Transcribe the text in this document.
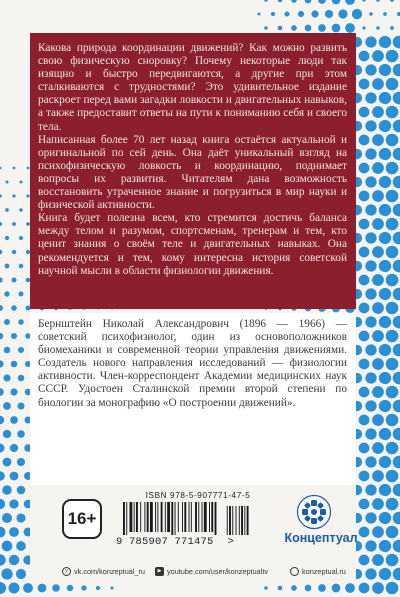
Какова природа координации движений? Как можно развить свою физическую сноровку? Почему некоторые люди так изящно и быстро передвигаются, а другие при этом сталкиваются с трудностями? Это удивительное издание раскроет перед вами загадки ловкости и двигательных навыков, а также предоставит ответы на пути к пониманию себя и своего тела.

Написанная более 70 лет назад книга остаётся актуальной и оригинальной по сей день. Она даёт уникальный взгляд на психофизическую ловкость и координацию, поднимает вопросы их развития. Читателям дана возможность восстановить утраченное знание и погрузиться в мир науки и физической активности.

Книга будет полезна всем, кто стремится достичь баланса между телом и разумом, спортсменам, тренерам и тем, кто ценит знания о своём теле и двигательных навыках. Она рекомендуется и тем, кому интересна история советской научной мысли в области физиологии движения.

Бернштейн Николай Александрович (1896 — 1966) — советский психофизиолог, один из основоположников биомеханики и современной теории управления движениями. Создатель нового направления исследований — физиологии активности. Член-корреспондент Академии медицинских наук СССР. Удостоен Сталинской премии второй степени по биологии за монографию «О построении движений».

16+
ISBN 978-5-907771-47-5
9 785907 771475 >	Концептуал
v vk.com/konzeptual_ru	▶ youtube.com/user/konzeptualtv	konzeptual.ru
